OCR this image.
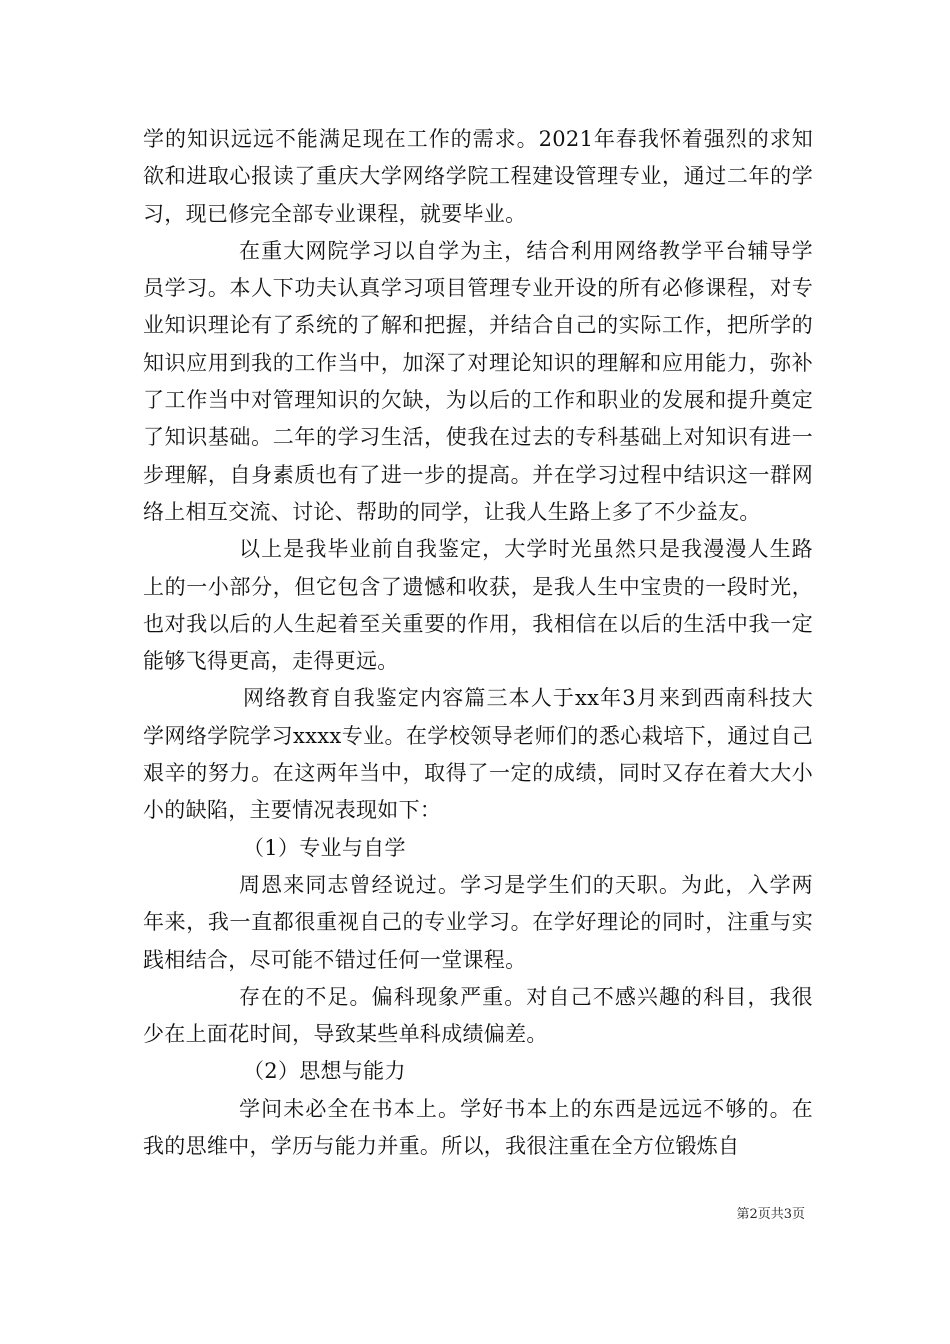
学的知识远远不能满足现在工作的需求。2021年春我怀着强烈的求知欲和进取心报读了重庆大学网络学院工程建设管理专业，通过二年的学习，现已修完全部专业课程，就要毕业。

在重大网院学习以自学为主，结合利用网络教学平台辅导学员学习。本人下功夫认真学习项目管理专业开设的所有必修课程，对专业知识理论有了系统的了解和把握，并结合自己的实际工作，把所学的知识应用到我的工作当中，加深了对理论知识的理解和应用能力，弥补了工作当中对管理知识的欠缺，为以后的工作和职业的发展和提升奠定了知识基础。二年的学习生活，使我在过去的专科基础上对知识有进一步理解，自身素质也有了进一步的提高。并在学习过程中结识这一群网络上相互交流、讨论、帮助的同学，让我人生路上多了不少益友。

以上是我毕业前自我鉴定，大学时光虽然只是我漫漫人生路上的一小部分，但它包含了遗憾和收获，是我人生中宝贵的一段时光，也对我以后的人生起着至关重要的作用，我相信在以后的生活中我一定能够飞得更高，走得更远。

网络教育自我鉴定内容篇三本人于xx年3月来到西南科技大学网络学院学习xxxx专业。在学校领导老师们的悉心栽培下，通过自己艰辛的努力。在这两年当中，取得了一定的成绩，同时又存在着大大小小的缺陷，主要情况表现如下：

（1）专业与自学

周恩来同志曾经说过。学习是学生们的天职。为此，入学两年来，我一直都很重视自己的专业学习。在学好理论的同时，注重与实践相结合，尽可能不错过任何一堂课程。

存在的不足。偏科现象严重。对自己不感兴趣的科目，我很少在上面花时间，导致某些单科成绩偏差。

（2）思想与能力

学问未必全在书本上。学好书本上的东西是远远不够的。在我的思维中，学历与能力并重。所以，我很注重在全方位锻炼自

第2页共3页
